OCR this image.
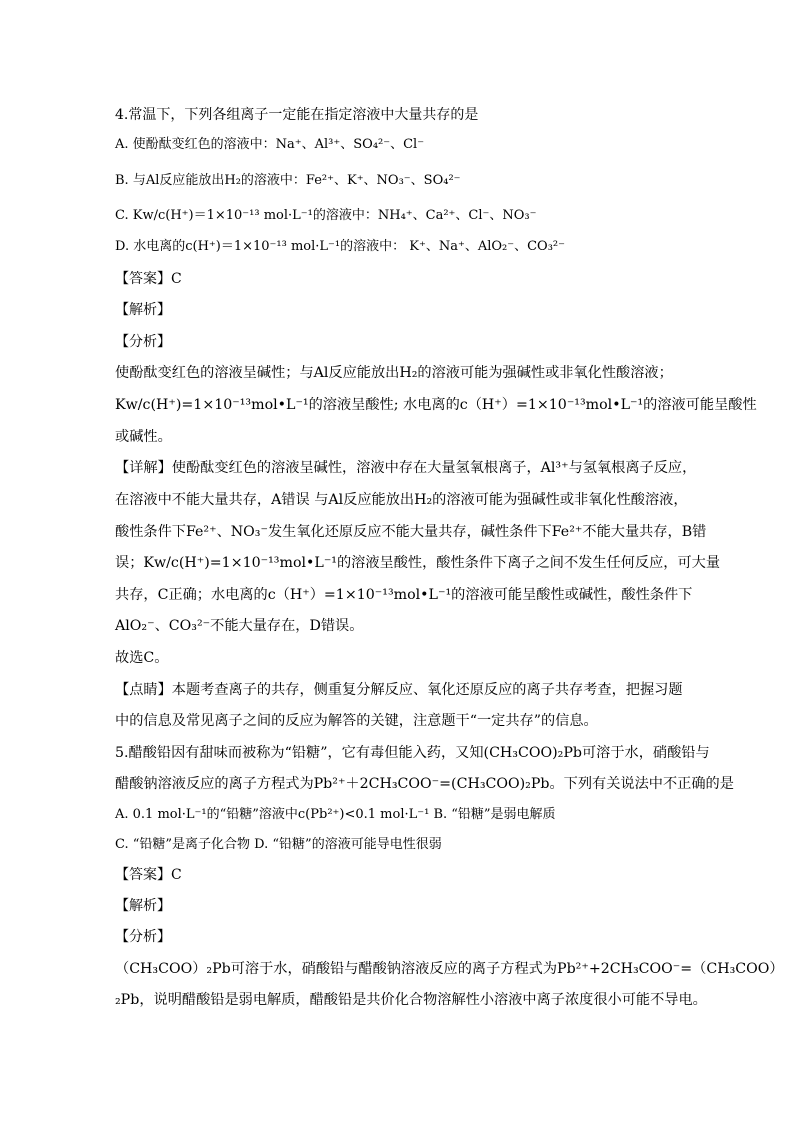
4.常温下，下列各组离子一定能在指定溶液中大量共存的是
A. 使酚酞变红色的溶液中：Na⁺、Al³⁺、SO₄²⁻、Cl⁻
B. 与Al反应能放出H₂的溶液中：Fe²⁺、K⁺、NO₃⁻、SO₄²⁻
C. Kw/c(H⁺)＝1×10⁻¹³ mol·L⁻¹的溶液中：NH₄⁺、Ca²⁺、Cl⁻、NO₃⁻
D. 水电离的c(H⁺)＝1×10⁻¹³ mol·L⁻¹的溶液中： K⁺、Na⁺、AlO₂⁻、CO₃²⁻
【答案】C
【解析】
【分析】
使酚酞变红色的溶液呈碱性；与Al反应能放出H₂的溶液可能为强碱性或非氧化性酸溶液；
Kw/c(H⁺)=1×10⁻¹³mol•L⁻¹的溶液呈酸性; 水电离的c（H⁺）=1×10⁻¹³mol•L⁻¹的溶液可能呈酸性
或碱性。
【详解】使酚酞变红色的溶液呈碱性，溶液中存在大量氢氧根离子，Al³⁺与氢氧根离子反应，
在溶液中不能大量共存，A错误 与Al反应能放出H₂的溶液可能为强碱性或非氧化性酸溶液，
酸性条件下Fe²⁺、NO₃⁻发生氧化还原反应不能大量共存，碱性条件下Fe²⁺不能大量共存，B错
误；Kw/c(H⁺)=1×10⁻¹³mol•L⁻¹的溶液呈酸性，酸性条件下离子之间不发生任何反应，可大量
共存，C正确；水电离的c（H⁺）=1×10⁻¹³mol•L⁻¹的溶液可能呈酸性或碱性，酸性条件下
AlO₂⁻、CO₃²⁻不能大量存在，D错误。
故选C。
【点睛】本题考查离子的共存，侧重复分解反应、氧化还原反应的离子共存考查，把握习题
中的信息及常见离子之间的反应为解答的关键，注意题干“一定共存”的信息。
5.醋酸铅因有甜味而被称为“铅糖”，它有毒但能入药，又知(CH₃COO)₂Pb可溶于水，硝酸铅与
醋酸钠溶液反应的离子方程式为Pb²⁺＋2CH₃COO⁻=(CH₃COO)₂Pb。下列有关说法中不正确的是
A. 0.1 mol·L⁻¹的“铅糖”溶液中c(Pb²⁺)<0.1 mol·L⁻¹ B. “铅糖”是弱电解质
C. “铅糖”是离子化合物 D. “铅糖”的溶液可能导电性很弱
【答案】C
【解析】
【分析】
（CH₃COO）₂Pb可溶于水，硝酸铅与醋酸钠溶液反应的离子方程式为Pb²⁺+2CH₃COO⁻=（CH₃COO）
₂Pb，说明醋酸铅是弱电解质，醋酸铅是共价化合物溶解性小溶液中离子浓度很小可能不导电。
